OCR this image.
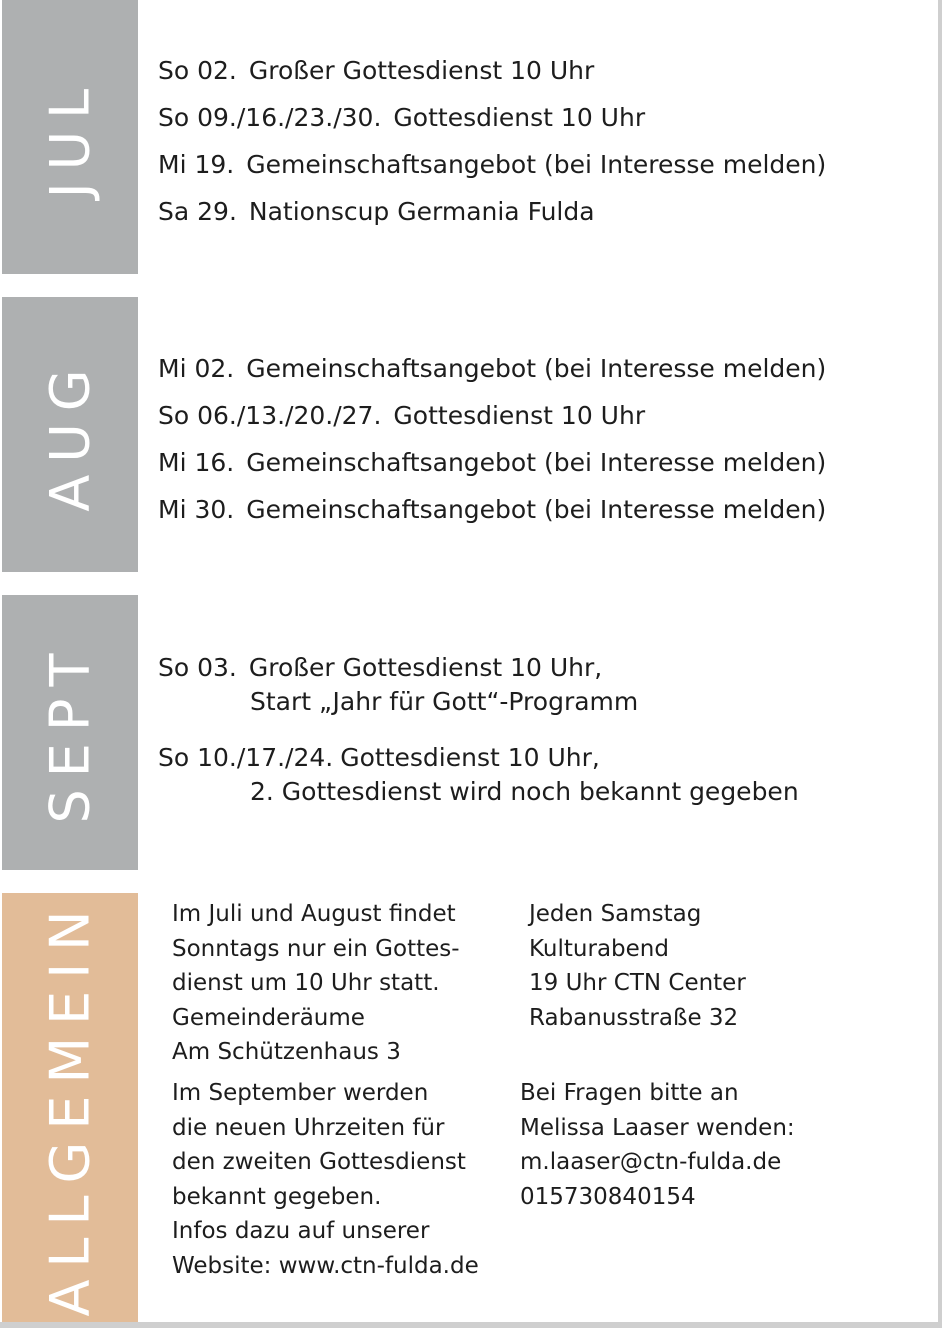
JUL
So 02. Großer Gottesdienst 10 Uhr
So 09./16./23./30. Gottesdienst 10 Uhr
Mi 19. Gemeinschaftsangebot (bei Interesse melden)
Sa 29. Nationscup Germania Fulda
AUG Mi 02. Gemeinschaftsangebot (bei Interesse melden)
So 06./13./20./27. Gottesdienst 10 Uhr
Mi 16. Gemeinschaftsangebot (bei Interesse melden)
Mi 30. Gemeinschaftsangebot (bei Interesse melden)
SEPT So 03. Großer Gottesdienst 10 Uhr,
Start „Jahr für Gott“-Programm
So 10./17./24. Gottesdienst 10 Uhr,
2. Gottesdienst wird noch bekannt gegeben
ALLGEMEIN	Im Juli und August findet
Sonntags nur ein Gottes-
dienst um 10 Uhr statt.
Gemeinderäume
Am Schützenhaus 3
Jeden Samstag
Kulturabend
19 Uhr CTN Center
Rabanusstraße 32
Im September werden
die neuen Uhrzeiten für
den zweiten Gottesdienst
bekannt gegeben.
Infos dazu auf unserer
Website: www.ctn-fulda.de
Bei Fragen bitte an
Melissa Laaser wenden:
m.laaser@ctn-fulda.de
015730840154
